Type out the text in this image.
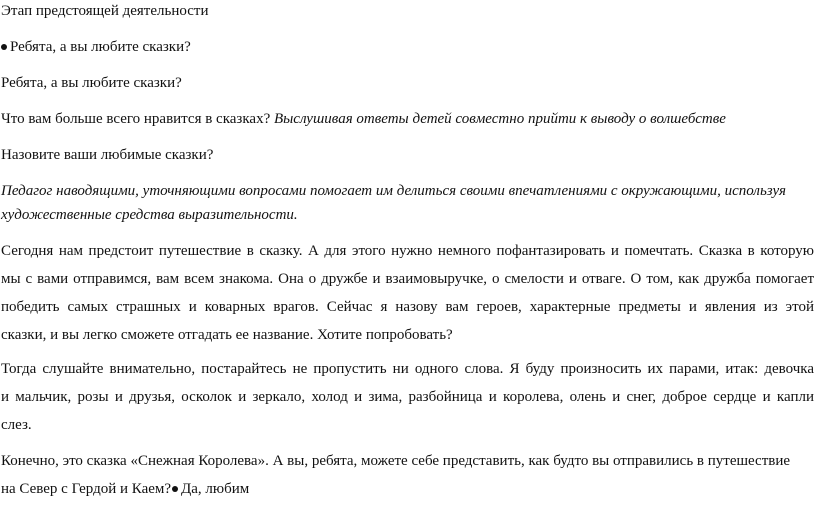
Этап предстоящей деятельности
Ребята, а вы любите сказки?
Ребята, а вы любите сказки?
Что вам больше всего нравится в сказках? Выслушивая ответы детей совместно прийти к выводу о волшебстве
Назовите ваши любимые сказки?
Педагог наводящими, уточняющими вопросами помогает им делиться своими впечатлениями с окружающими, используя
художественные средства выразительности.
Сегодня нам предстоит путешествие в сказку. А для этого нужно немного пофантазировать и помечтать. Сказка в которую
мы с вами отправимся, вам всем знакома. Она о дружбе и взаимовыручке, о смелости и отваге. О том, как дружба помогает
победить самых страшных и коварных врагов. Сейчас я назову вам героев, характерные предметы и явления из этой
сказки, и вы легко сможете отгадать ее название. Хотите попробовать?
Тогда слушайте внимательно, постарайтесь не пропустить ни одного слова. Я буду произносить их парами, итак: девочка
и мальчик, розы и друзья, осколок и зеркало, холод и зима, разбойница и королева, олень и снег, доброе сердце и капли
слез.
Конечно, это сказка «Снежная Королева». А вы, ребята, можете себе представить, как будто вы отправились в путешествие
на Север с Гердой и Каем? Да, любим
